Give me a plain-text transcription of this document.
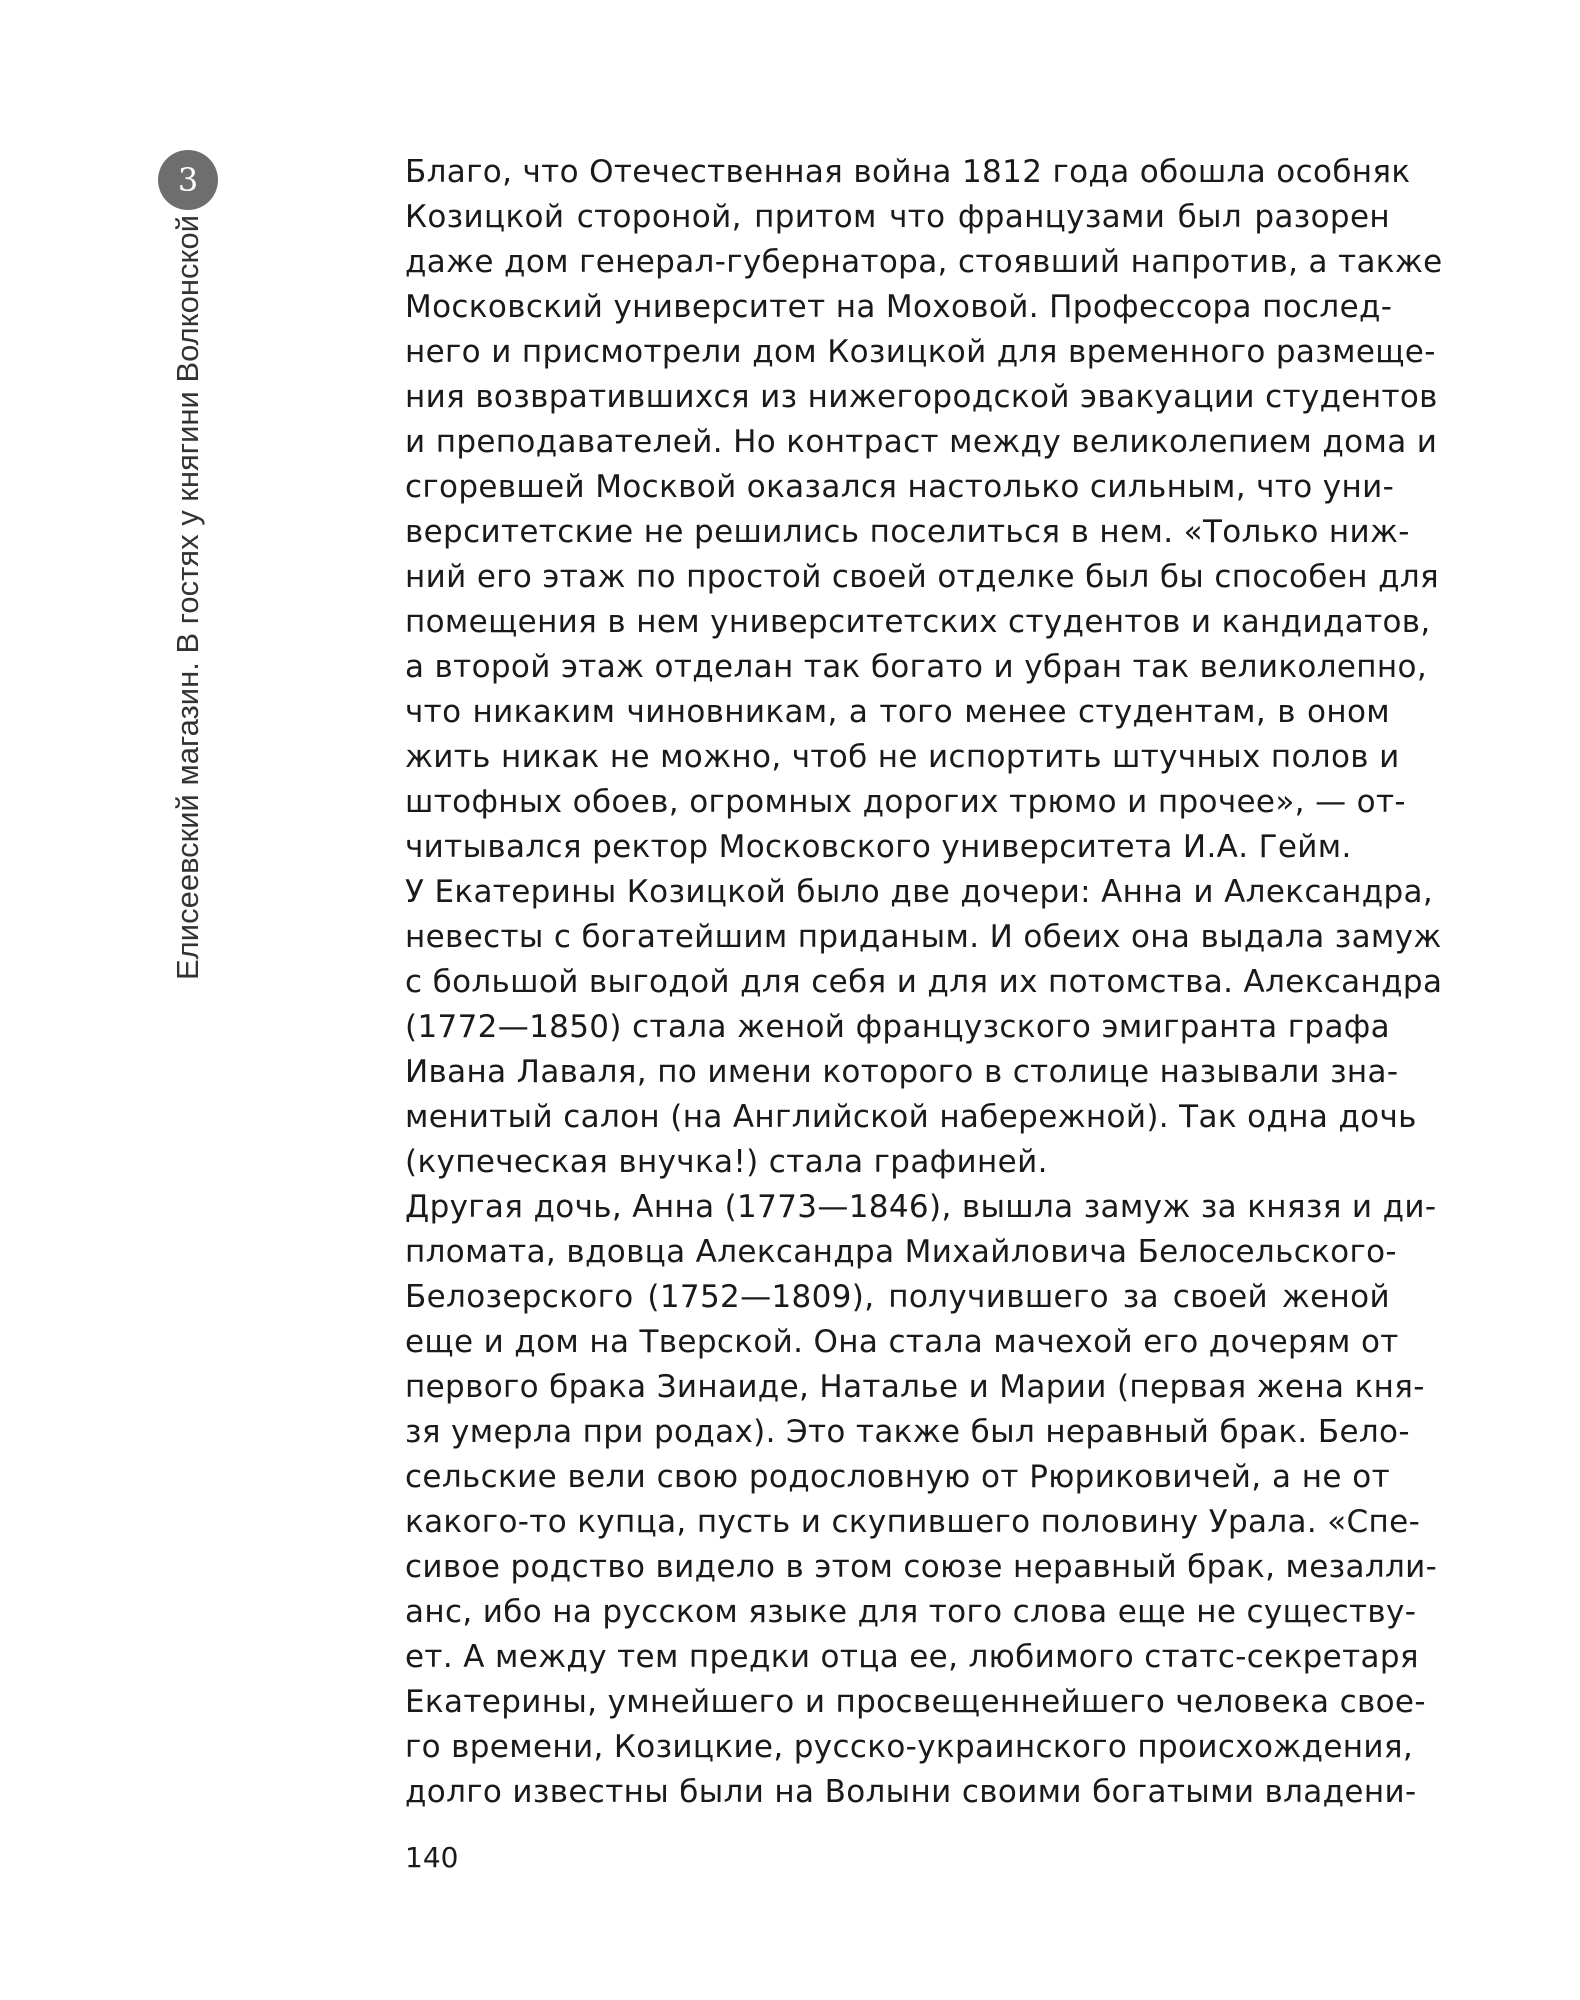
3
Елисеевский магазин. В гостях у княгини Волконской
Благо, что Отечественная война 1812 года обошла особняк
Козицкой стороной, притом что французами был разорен
даже дом генерал-губернатора, стоявший напротив, а также
Московский университет на Моховой. Профессора послед-
него и присмотрели дом Козицкой для временного размеще-
ния возвратившихся из нижегородской эвакуации студентов
и преподавателей. Но контраст между великолепием дома и
сгоревшей Москвой оказался настолько сильным, что уни-
верситетские не решились поселиться в нем. «Только ниж-
ний его этаж по простой своей отделке был бы способен для
помещения в нем университетских студентов и кандидатов,
а второй этаж отделан так богато и убран так великолепно,
что никаким чиновникам, а того менее студентам, в оном
жить никак не можно, чтоб не испортить штучных полов и
штофных обоев, огромных дорогих трюмо и прочее», — от-
читывался ректор Московского университета И.А. Гейм.
У Екатерины Козицкой было две дочери: Анна и Александра,
невесты с богатейшим приданым. И обеих она выдала замуж
с большой выгодой для себя и для их потомства. Александра
(1772—1850) стала женой французского эмигранта графа
Ивана Лаваля, по имени которого в столице называли зна-
менитый салон (на Английской набережной). Так одна дочь
(купеческая внучка!) стала графиней.
Другая дочь, Анна (1773—1846), вышла замуж за князя и ди-
пломата, вдовца Александра Михайловича Белосельского-
Белозерского (1752—1809), получившего за своей женой
еще и дом на Тверской. Она стала мачехой его дочерям от
первого брака Зинаиде, Наталье и Марии (первая жена кня-
зя умерла при родах). Это также был неравный брак. Бело-
сельские вели свою родословную от Рюриковичей, а не от
какого-то купца, пусть и скупившего половину Урала. «Спе-
сивое родство видело в этом союзе неравный брак, мезалли-
анс, ибо на русском языке для того слова еще не существу-
ет. А между тем предки отца ее, любимого статс-секретаря
Екатерины, умнейшего и просвещеннейшего человека свое-
го времени, Козицкие, русско-украинского происхождения,
долго известны были на Волыни своими богатыми владени-
140
